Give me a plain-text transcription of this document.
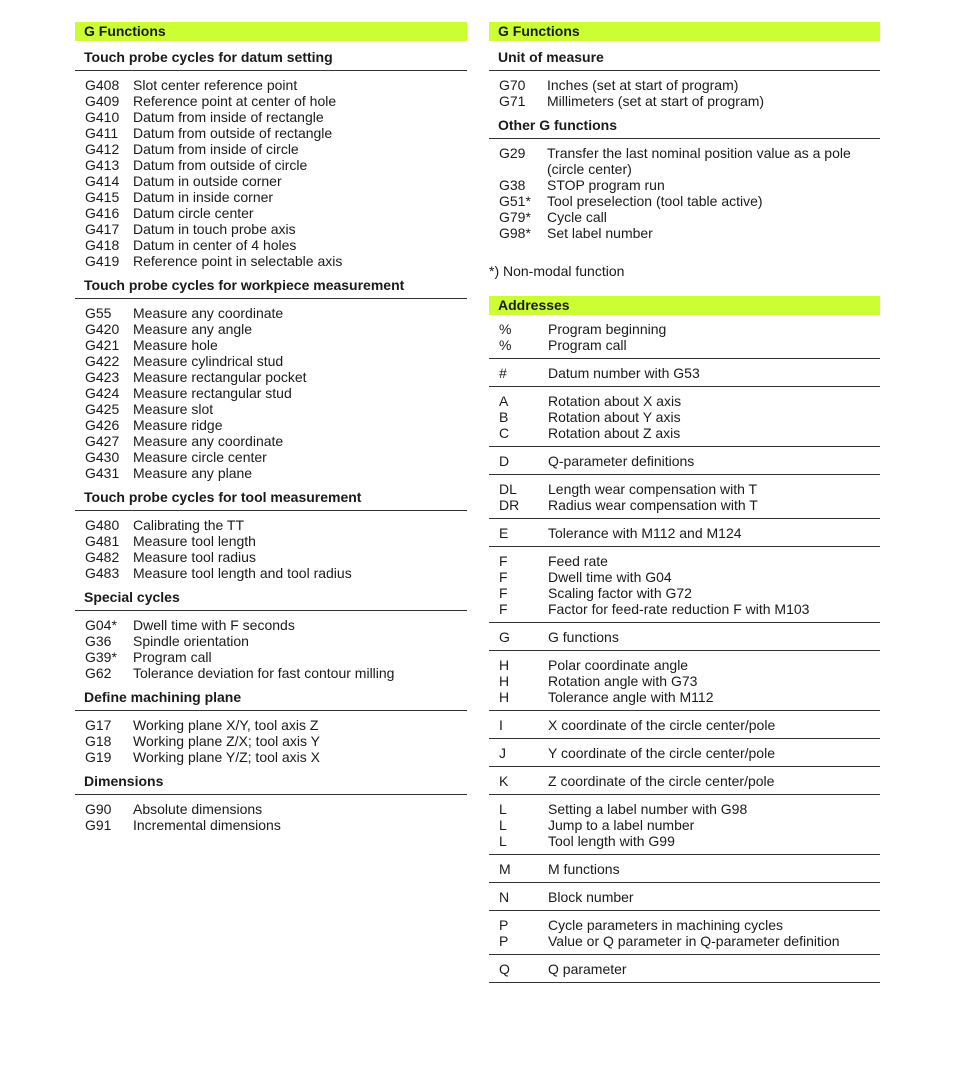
G Functions
Touch probe cycles for datum setting
G408 Slot center reference point
G409 Reference point at center of hole
G410 Datum from inside of rectangle
G411	Datum from outside of rectangle
G412 Datum from inside of circle
G413 Datum from outside of circle
G414 Datum in outside corner
G415 Datum in inside corner
G416 Datum circle center
G417 Datum in touch probe axis
G418 Datum in center of 4 holes
G419 Reference point in selectable axis
Touch probe cycles for workpiece measurement
G55	Measure any coordinate
G420 Measure any angle
G421 Measure hole
G422 Measure cylindrical stud
G423 Measure rectangular pocket
G424 Measure rectangular stud
G425 Measure slot
G426 Measure ridge
G427 Measure any coordinate
G430 Measure circle center
G431 Measure any plane
Touch probe cycles for tool measurement
G480 Calibrating the TT
G481 Measure tool length
G482 Measure tool radius
G483 Measure tool length and tool radius
Special cycles
G04*	Dwell time with F seconds
G36	Spindle orientation
G39*	Program call
G62	Tolerance deviation for fast contour milling
Define machining plane
G17	Working plane X/Y, tool axis Z
G18	Working plane Z/X; tool axis Y
G19	Working plane Y/Z; tool axis X
Dimensions
G90	Absolute dimensions
G91	Incremental dimensions
G Functions
Unit of measure
G70	Inches (set at start of program)
G71	Millimeters (set at start of program)
Other G functions
G29	Transfer the last nominal position value as a pole (circle center)
G38	STOP program run
G51*	Tool preselection (tool table active)
G79*	Cycle call
G98*	Set label number
*) Non-modal function
Addresses
%	Program beginning
%	Program call
#	Datum number with G53
A	Rotation about X axis
B	Rotation about Y axis
C	Rotation about Z axis
D	Q-parameter definitions
DL	Length wear compensation with T
DR	Radius wear compensation with T
E	Tolerance with M112 and M124
F	Feed rate
F	Dwell time with G04
F	Scaling factor with G72
F	Factor for feed-rate reduction F with M103
G	G functions
H	Polar coordinate angle
H	Rotation angle with G73
H	Tolerance angle with M112
I	X coordinate of the circle center/pole
J	Y coordinate of the circle center/pole
K	Z coordinate of the circle center/pole
L	Setting a label number with G98
L	Jump to a label number
L	Tool length with G99
M	M functions
N	Block number
P	Cycle parameters in machining cycles
P	Value or Q parameter in Q-parameter definition
Q	Q parameter
